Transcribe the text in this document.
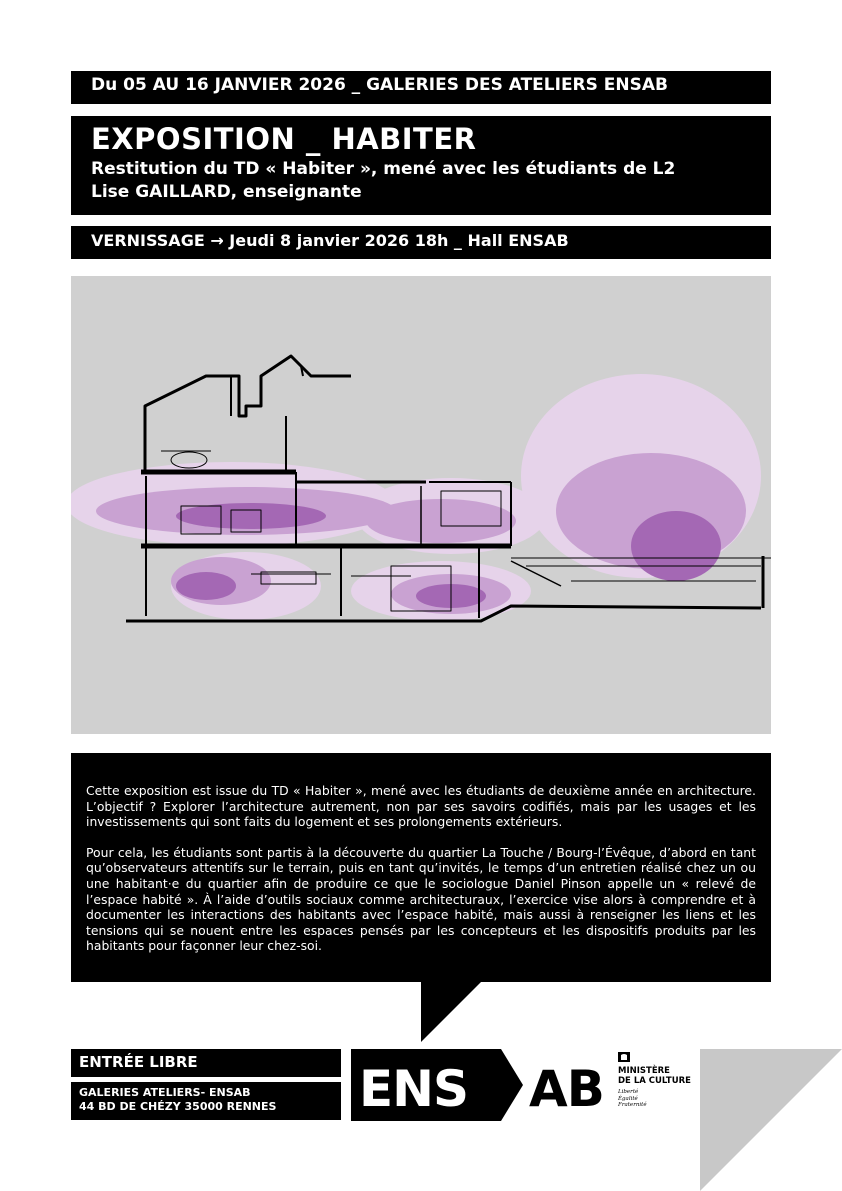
Du 05 AU 16 JANVIER 2026 _ GALERIES DES ATELIERS ENSAB
EXPOSITION _ HABITER
Restitution du TD « Habiter », mené avec les étudiants de L2
Lise GAILLARD, enseignante
VERNISSAGE → Jeudi 8 janvier 2026 18h _ Hall ENSAB

Cette exposition est issue du TD « Habiter », mené avec les étudiants de deuxième année en architecture. L’objectif ? Explorer l’architecture autrement, non par ses savoirs codifiés, mais par les usages et les investissements qui sont faits du logement et ses prolongements extérieurs.

Pour cela, les étudiants sont partis à la découverte du quartier La Touche / Bourg-l’Évêque, d’abord en tant qu’observateurs attentifs sur le terrain, puis en tant qu’invités, le temps d’un entretien réalisé chez un ou une habitant·e du quartier afin de produire ce que le sociologue Daniel Pinson appelle un « relevé de l’espace habité ». À l’aide d’outils sociaux comme architecturaux, l’exercice vise alors à comprendre et à documenter les interactions des habitants avec l’espace habité, mais aussi à renseigner les liens et les tensions qui se nouent entre les espaces pensés par les concepteurs et les dispositifs produits par les habitants pour façonner leur chez-soi.

ENTRÉE LIBRE
GALERIES ATELIERS- ENSAB
44 BD DE CHÉZY 35000 RENNES	ENS AB MINISTÈRE
DE LA CULTURE
Liberté
Égalité
Fraternité
